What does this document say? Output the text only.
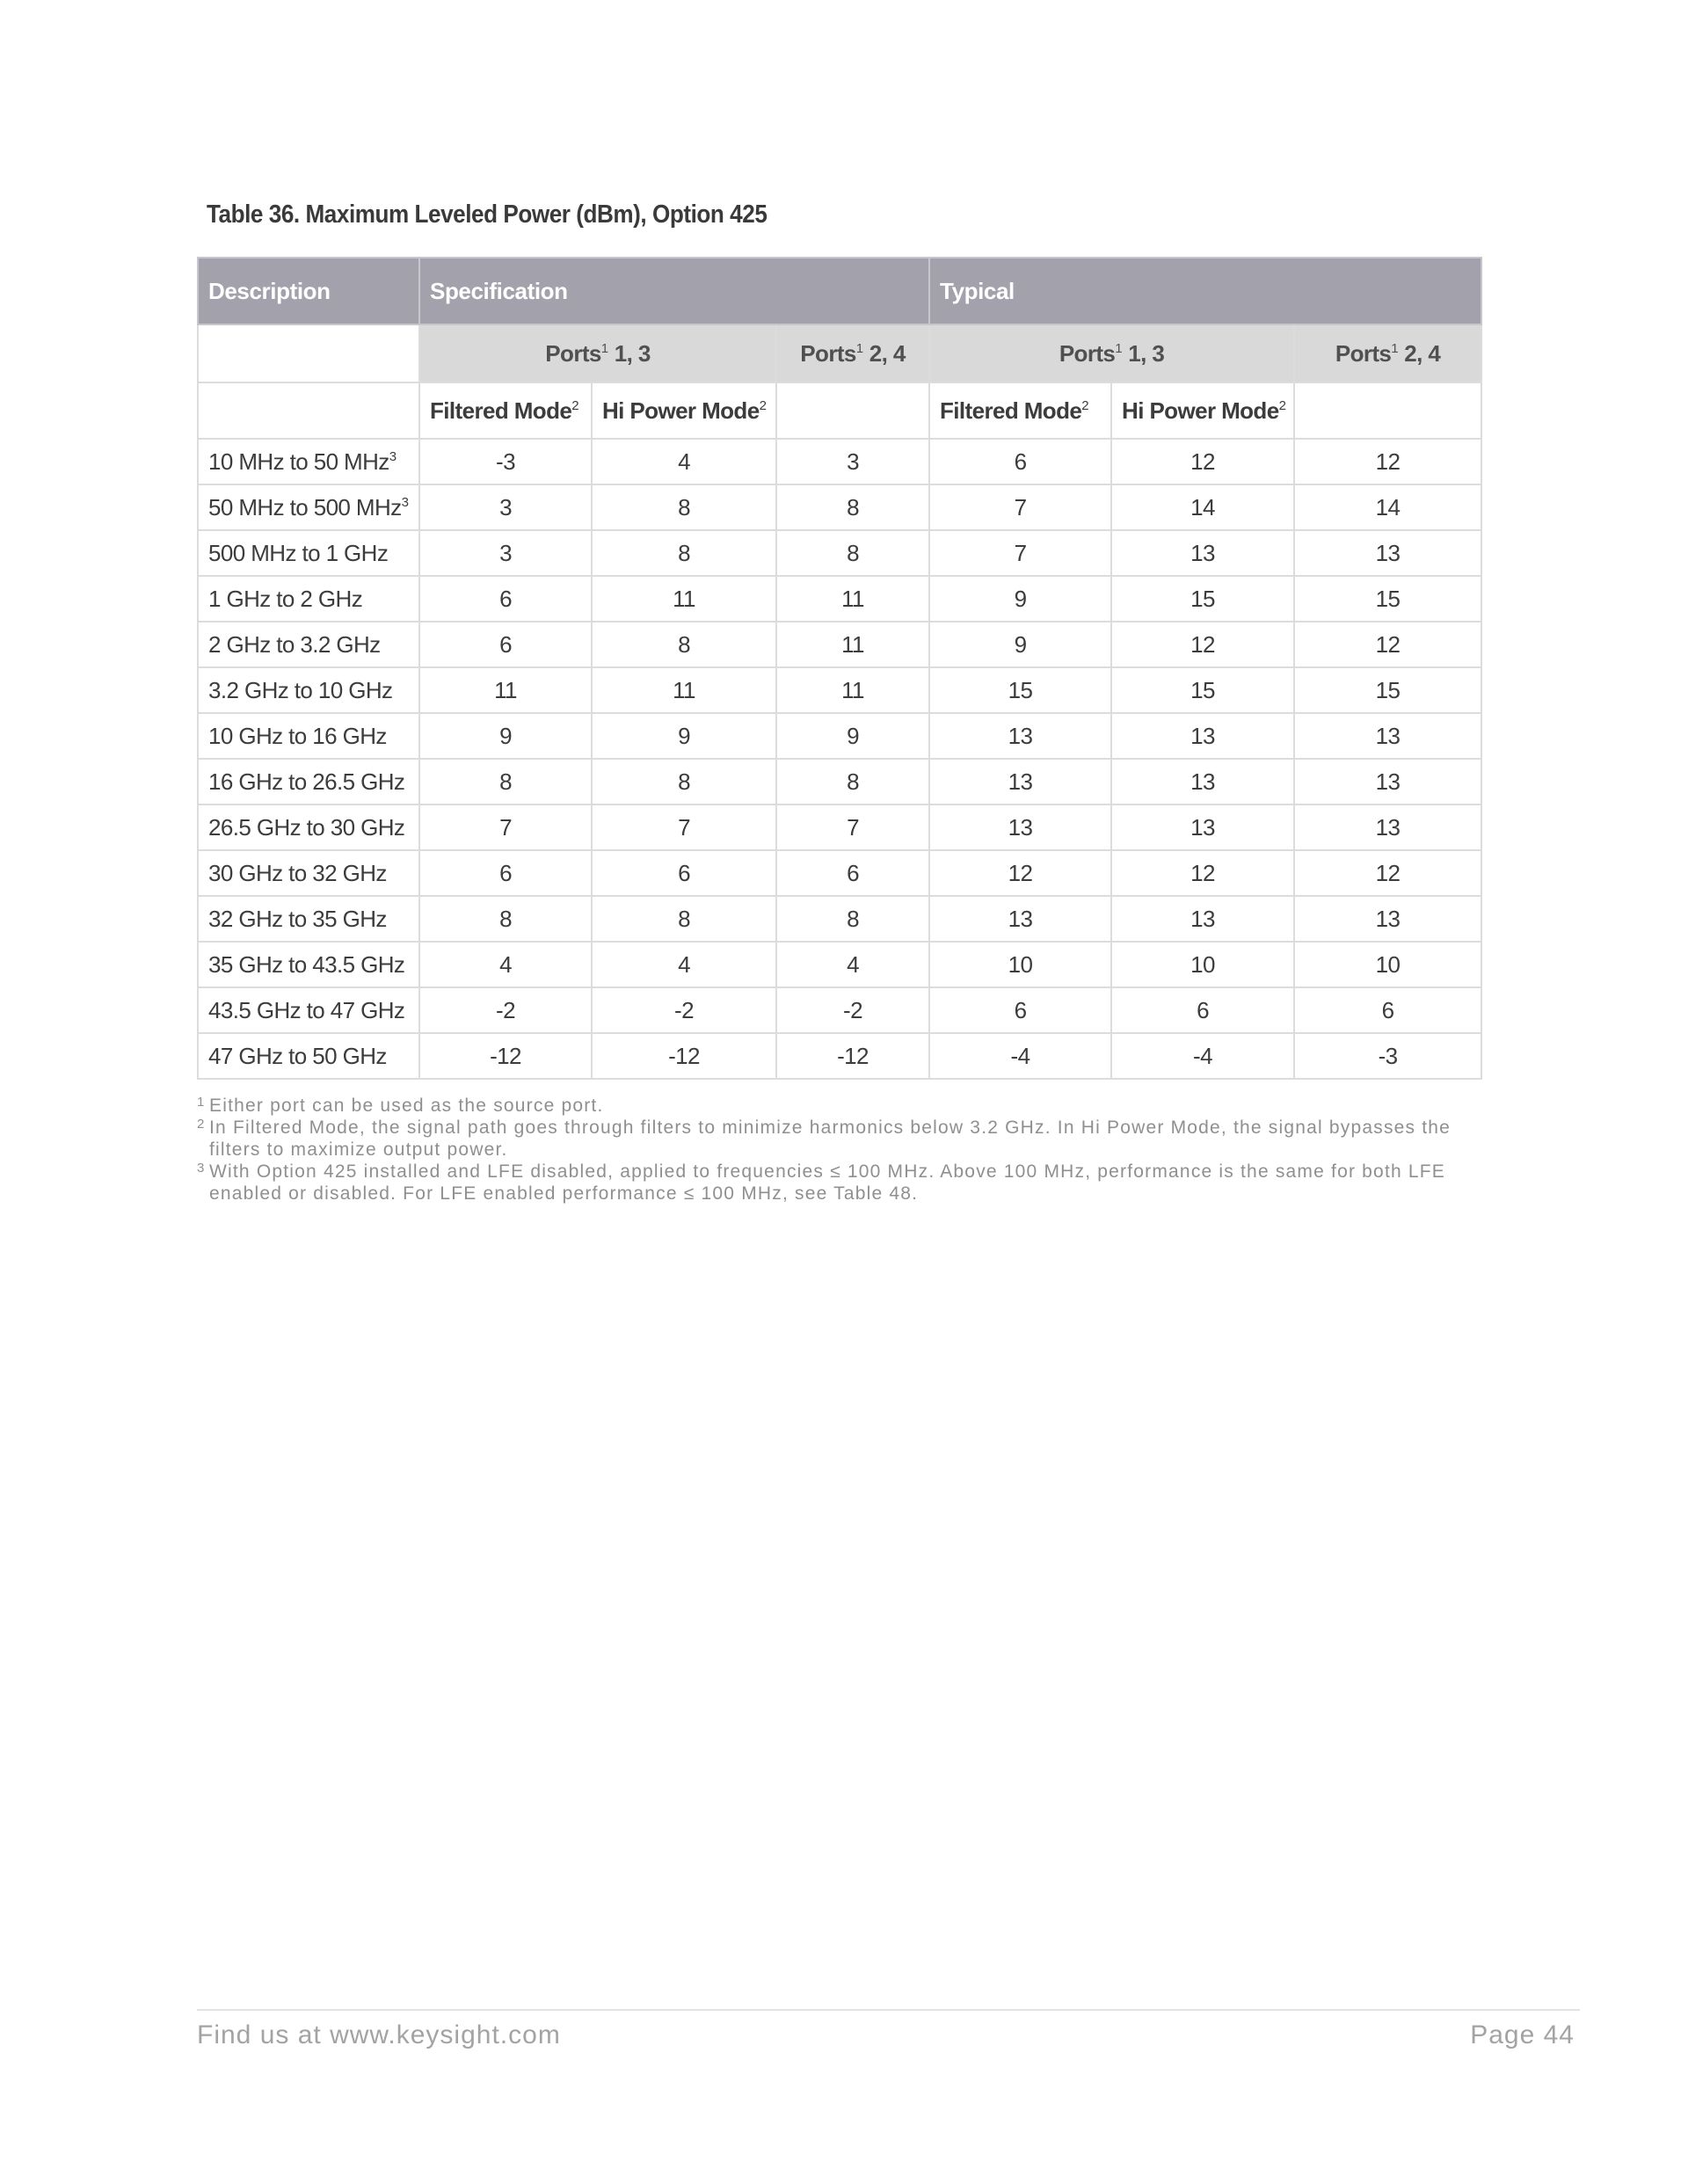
Table 36. Maximum Leveled Power (dBm), Option 425
Description	Specification			Typical		
	Ports$^1$ 1, 3		Ports$^1$ 2, 4	Ports$^1$ 1, 3		Ports$^1$ 2, 4
	Filtered Mode$^2$	Hi Power Mode$^2$		Filtered Mode$^2$	Hi Power Mode$^2$	
10 MHz to 50 MHz$^3$	-3	4	3	6	12	12
50 MHz to 500 MHz$^3$	3	8	8	7	14	14
500 MHz to 1 GHz	3	8	8	7	13	13
1 GHz to 2 GHz	6	11	11	9	15	15
2 GHz to 3.2 GHz	6	8	11	9	12	12
3.2 GHz to 10 GHz	11	11	11	15	15	15
10 GHz to 16 GHz	9	9	9	13	13	13
16 GHz to 26.5 GHz	8	8	8	13	13	13
26.5 GHz to 30 GHz	7	7	7	13	13	13
30 GHz to 32 GHz	6	6	6	12	12	12
32 GHz to 35 GHz	8	8	8	13	13	13
35 GHz to 43.5 GHz	4	4	4	10	10	10
43.5 GHz to 47 GHz	-2	-2	-2	6	6	6
47 GHz to 50 GHz	-12	-12	-12	-4	-4	-3
1 Either port can be used as the source port.
2 In Filtered Mode, the signal path goes through filters to minimize harmonics below 3.2 GHz. In Hi Power Mode, the signal bypasses the filters to maximize output power.
3 With Option 425 installed and LFE disabled, applied to frequencies ≤ 100 MHz. Above 100 MHz, performance is the same for both LFE enabled or disabled. For LFE enabled performance ≤ 100 MHz, see Table 48.
Find us at www.keysight.com	Page 44
